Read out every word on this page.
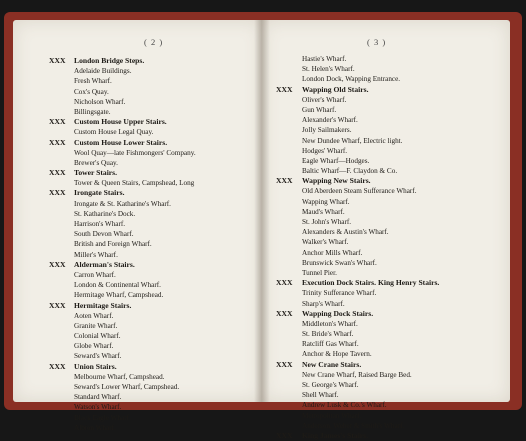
( 2 )
XXX London Bridge Steps.
Adelaide Buildings.
Fresh Wharf.
Cox's Quay.
Nicholson Wharf.
Billingsgate.
XXX Custom House Upper Stairs.
Custom House Legal Quay.
XXX Custom House Lower Stairs.
Wool Quay—late Fishmongers' Company.
Brewer's Quay.
XXX Tower Stairs.
Tower & Queen Stairs, Campshead, Long
XXX Irongate Stairs.
Irongate & St. Katharine's Wharf.
St. Katharine's Dock.
Harrison's Wharf.
South Devon Wharf.
British and Foreign Wharf.
Miller's Wharf.
XXX Alderman's Stairs.
Carron Wharf.
London & Continental Wharf.
Hermitage Wharf, Campshead.
XXX Hermitage Stairs.
Aoten Wharf.
Granite Wharf.
Colonial Wharf.
Globe Wharf.
Seward's Wharf.
XXX Union Stairs.
Melbourne Wharf, Campshead.
Seward's Lower Wharf, Campshead.
Standard Wharf.
Watson's Wharf.
Black Eagle Wharf.
Albion Wharf.
( 3 )
Hastie's Wharf.
St. Helen's Wharf.
London Dock, Wapping Entrance.
XXX Wapping Old Stairs.
Oliver's Wharf.
Gun Wharf.
Alexander's Wharf.
Jolly Sailmakers.
New Dundee Wharf, Electric light.
Hodges' Wharf.
Eagle Wharf—Hodges.
Baltic Wharf—F. Claydon & Co.
XXX Wapping New Stairs.
Old Aberdeen Steam Sufferance Wharf.
Wapping Wharf.
Maud's Wharf.
St. John's Wharf.
Alexanders & Austin's Wharf.
Walker's Wharf.
Anchor Mills Wharf.
Brunswick Swan's Wharf.
Tunnel Pier.
XXX Execution Dock Stairs. King Henry Stairs.
Trinity Sufferance Wharf.
Sharp's Wharf.
XXX Wapping Dock Stairs.
Middleton's Wharf.
St. Bride's Wharf.
Ratcliff Gas Wharf.
Anchor & Hope Tavern.
XXX New Crane Stairs.
New Crane Wharf, Raised Barge Bed.
St. George's Wharf.
Shell Wharf.
Andrew Lusk & Co.'s Wharf.
Metropolitan Wharf.
Anderson, Weber & Smith's Wharf.
XXX King James's Stairs.
